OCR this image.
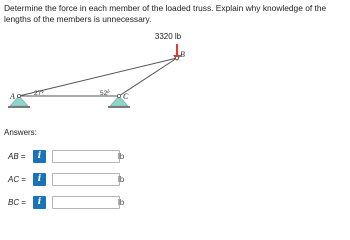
Determine the force in each member of the loaded truss. Explain why knowledge of the lengths of the members is unnecessary.

3320 lb
A
B
C
27°	52°
Answers:
AB =	i	lb
AC =	i	lb
BC =	i	lb
